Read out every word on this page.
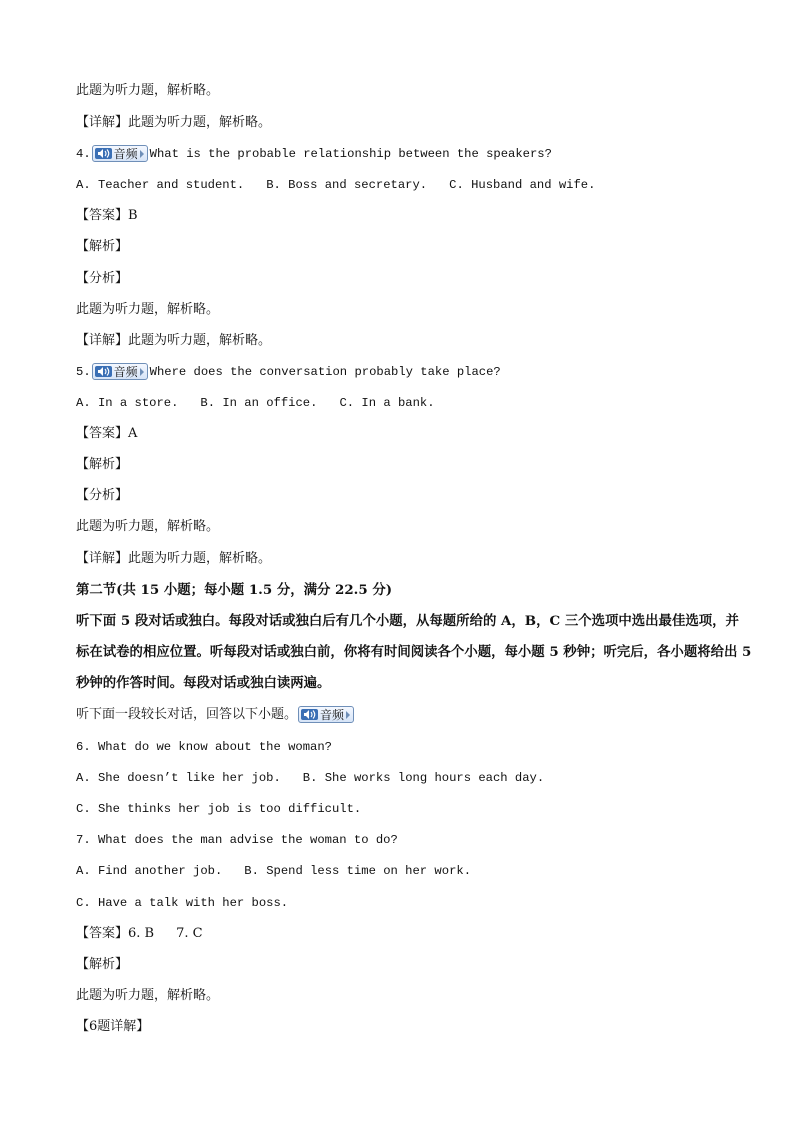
此题为听力题，解析略。
【详解】此题为听力题，解析略。
4. 音频 What is the probable relationship between the speakers?
A. Teacher and student. B. Boss and secretary. C. Husband and wife.
【答案】B
【解析】
【分析】
此题为听力题，解析略。
【详解】此题为听力题，解析略。
5. 音频 Where does the conversation probably take place?
A. In a store. B. In an office. C. In a bank.
【答案】A
【解析】
【分析】
此题为听力题，解析略。
【详解】此题为听力题，解析略。
第二节(共 15 小题；每小题 1.5 分，满分 22.5 分)
听下面 5 段对话或独白。每段对话或独白后有几个小题，从每题所给的 A，B，C 三个选项中选出最佳选项，并标在试卷的相应位置。听每段对话或独白前，你将有时间阅读各个小题，每小题 5 秒钟；听完后，各小题将给出 5 秒钟的作答时间。每段对话或独白读两遍。
听下面一段较长对话，回答以下小题。 音频
6. What do we know about the woman?
A. She doesn’t like her job. B. She works long hours each day.
C. She thinks her job is too difficult.
7. What does the man advise the woman to do?
A. Find another job. B. Spend less time on her work.
C. Have a talk with her boss.
【答案】6. B 7. C
【解析】
此题为听力题，解析略。
【6题详解】
